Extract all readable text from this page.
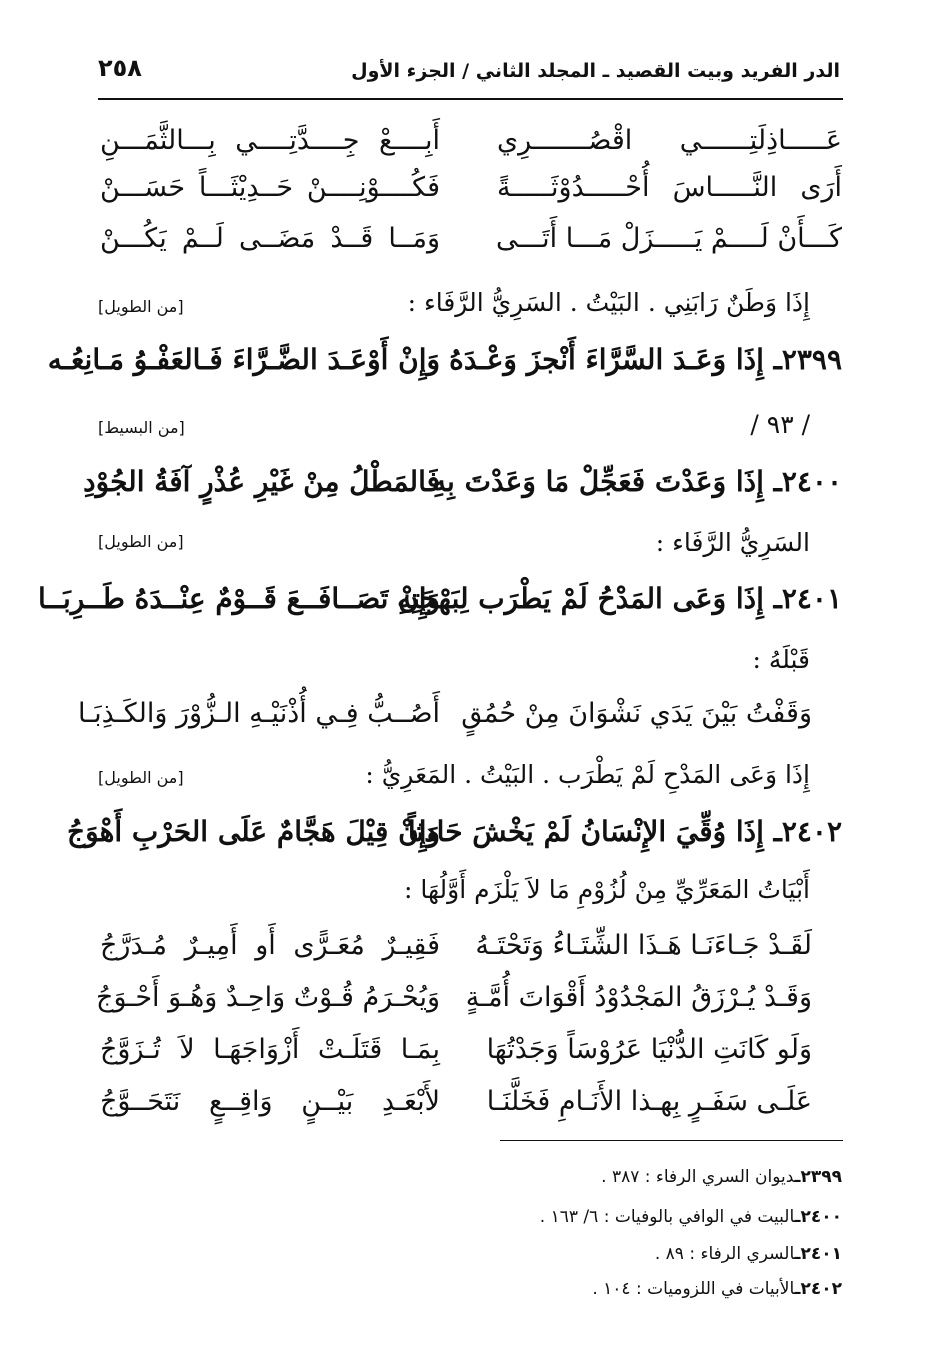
الدر الفريد وبيت القصيد ـ المجلد الثاني / الجزء الأول
٢٥٨
عَـــــاذِلَتِــــــي اقْصُـــــــرِي
أَبِــــعْ جِــــدَّتِــــي بِـــالثَّمَـــنِ
أَرَى النَّـــــاسَ أُحْـــــدُوْثَـــــةً
فَكُــــوْنِــــنْ حَــدِيْثَـــاً حَسَـــنْ
كَـــأَنْ لَــــمْ يَـــــزَلْ مَـــا أَتَـــى
وَمَــا قَــدْ مَضَــى لَــمْ يَكُـــنْ
إِذَا وَطَنٌ رَابَنِي . البَيْتُ . السَرِيُّ الرَّفَاء :
[من الطويل]
٢٣٩٩ـ إِذَا وَعَـدَ السَّرَّاءَ أَنْجزَ وَعْـدَهُ
وَإِنْ أَوْعَـدَ الضَّـرَّاءَ فَـالعَفْـوُ مَـانِعُـه
/ ٩٣ /
[من البسيط]
٢٤٠٠ـ إِذَا وَعَدْتَ فَعَجِّلْ مَا وَعَدْتَ بِهِ
فَالمَطْلُ مِنْ غَيْرِ عُذْرٍ آفَةُ الجُوْدِ
السَرِيُّ الرَّفَاء :
[من الطويل]
٢٤٠١ـ إِذَا وَعَى المَدْحُ لَمْ يَطْرَب لِبَهْجَتِهِ
وَإِنْ تَصَــافَــعَ قَــوْمٌ عِنْــدَهُ طَــرِبَــا
قَبْلَهُ :
وَقَفْتُ بَيْنَ يَدَي نَشْوَانَ مِنْ حُمُقٍ
أَصُــبُّ فِـي أُذْنَيْـهِ الـزُّوْرَ وَالكَـذِبَـا
إِذَا وَعَى المَدْحِ لَمْ يَطْرَب . البَيْتُ . المَعَرِيُّ :
[من الطويل]
٢٤٠٢ـ إِذَا وُقِّيَ الإِنْسَانُ لَمْ يَخْشَ حَادِثاً
وَإِنْ قِيْلَ هَجَّامٌ عَلَى الحَرْبِ أَهْوَجُ
أَبْيَاتُ المَعَرِّيِّ مِنْ لُزُوْمِ مَا لاَ يَلْزَم أَوَّلُهَا :
لَقَـدْ جَـاءَنَـا هَـذَا الشِّتَـاءُ وَتَحْتَـهُ
فَقِيـرٌ مُعَـرًّى أَو أَمِيـرٌ مُـدَرَّجُ
وَقَـدْ يُـرْزَقُ المَجْدُوْدُ أَقْوَاتَ أُمَّـةٍ
وَيُحْـرَمُ قُـوْتٌ وَاحِـدٌ وَهُـوَ أَحْـوَجُ
وَلَو كَانَتِ الدُّنْيَا عَرُوْسَاً وَجَدْتُهَا
بِمَـا قَتَلَـتْ أَزْوَاجَهَـا لاَ تُـزَوَّجُ
عَلَـى سَفَـرٍ بِهـذا الأَنَـامِ فَخَلَّنَـا
لأَبْعَـدِ بَيْــنٍ وَاقِــعٍ نَتَحَــوَّجُ
٢٣٩٩ـديوان السري الرفاء : ٣٨٧ .
٢٤٠٠ـالبيت في الوافي بالوفيات : ٦/ ١٦٣ .
٢٤٠١ـالسري الرفاء : ٨٩ .
٢٤٠٢ـالأبيات في اللزوميات : ١٠٤ .
